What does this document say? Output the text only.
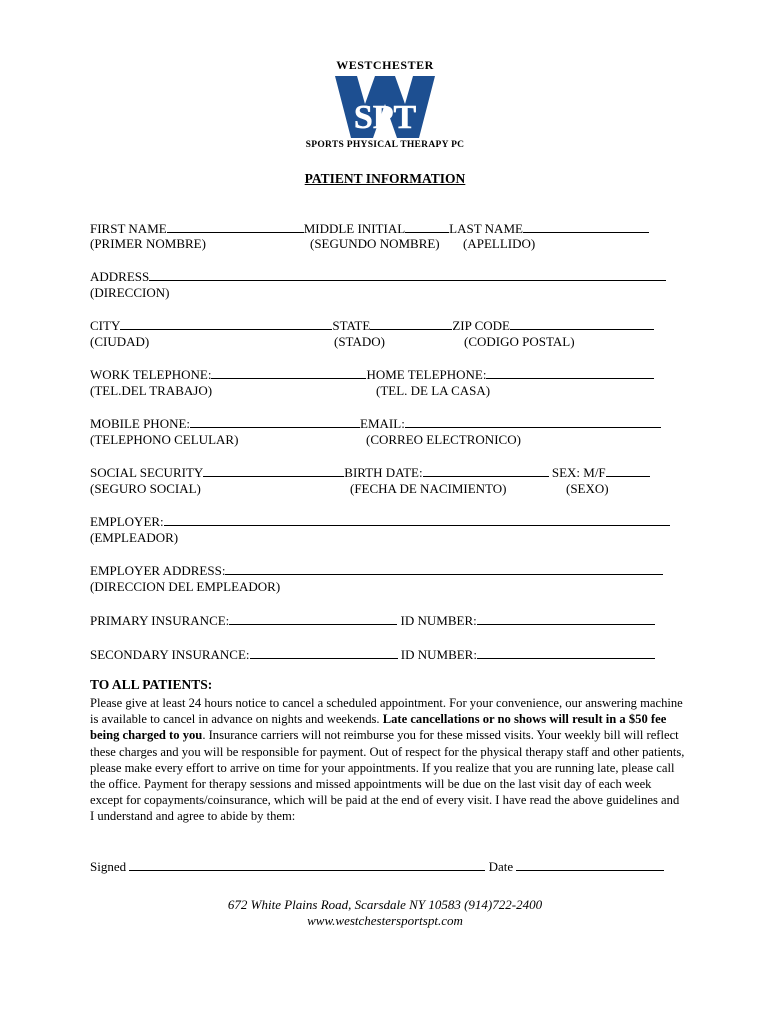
WESTCHESTER
SPT
SPORTS PHYSICAL THERAPY PC
PATIENT INFORMATION
FIRST NAME	MIDDLE INITIAL	LAST NAME
(PRIMER NOMBRE)	(SEGUNDO NOMBRE) (APELLIDO)
ADDRESS
(DIRECCION)
CITY	STATE	ZIP CODE
(CIUDAD)	(STADO)	(CODIGO POSTAL)
WORK TELEPHONE:	HOME TELEPHONE:
(TEL.DEL TRABAJO)	(TEL. DE LA CASA)
MOBILE PHONE:	EMAIL:
(TELEPHONO CELULAR)	(CORREO ELECTRONICO)
SOCIAL SECURITY	BIRTH DATE:	SEX: M/F
(SEGURO SOCIAL)	(FECHA DE NACIMIENTO)	(SEXO)
EMPLOYER:
(EMPLEADOR)
EMPLOYER ADDRESS:
(DIRECCION DEL EMPLEADOR)
PRIMARY INSURANCE:	ID NUMBER:
SECONDARY INSURANCE:	ID NUMBER:
TO ALL PATIENTS:
Please give at least 24 hours notice to cancel a scheduled appointment. For your convenience, our answering machine is available to cancel in advance on nights and weekends. Late cancellations or no shows will result in a $50 fee being charged to you. Insurance carriers will not reimburse you for these missed visits. Your weekly bill will reflect these charges and you will be responsible for payment. Out of respect for the physical therapy staff and other patients, please make every effort to arrive on time for your appointments. If you realize that you are running late, please call the office. Payment for therapy sessions and missed appointments will be due on the last visit day of each week except for copayments/coinsurance, which will be paid at the end of every visit. I have read the above guidelines and I understand and agree to abide by them:
Signed	Date
672 White Plains Road, Scarsdale NY 10583 (914)722-2400
www.westchestersportspt.com
